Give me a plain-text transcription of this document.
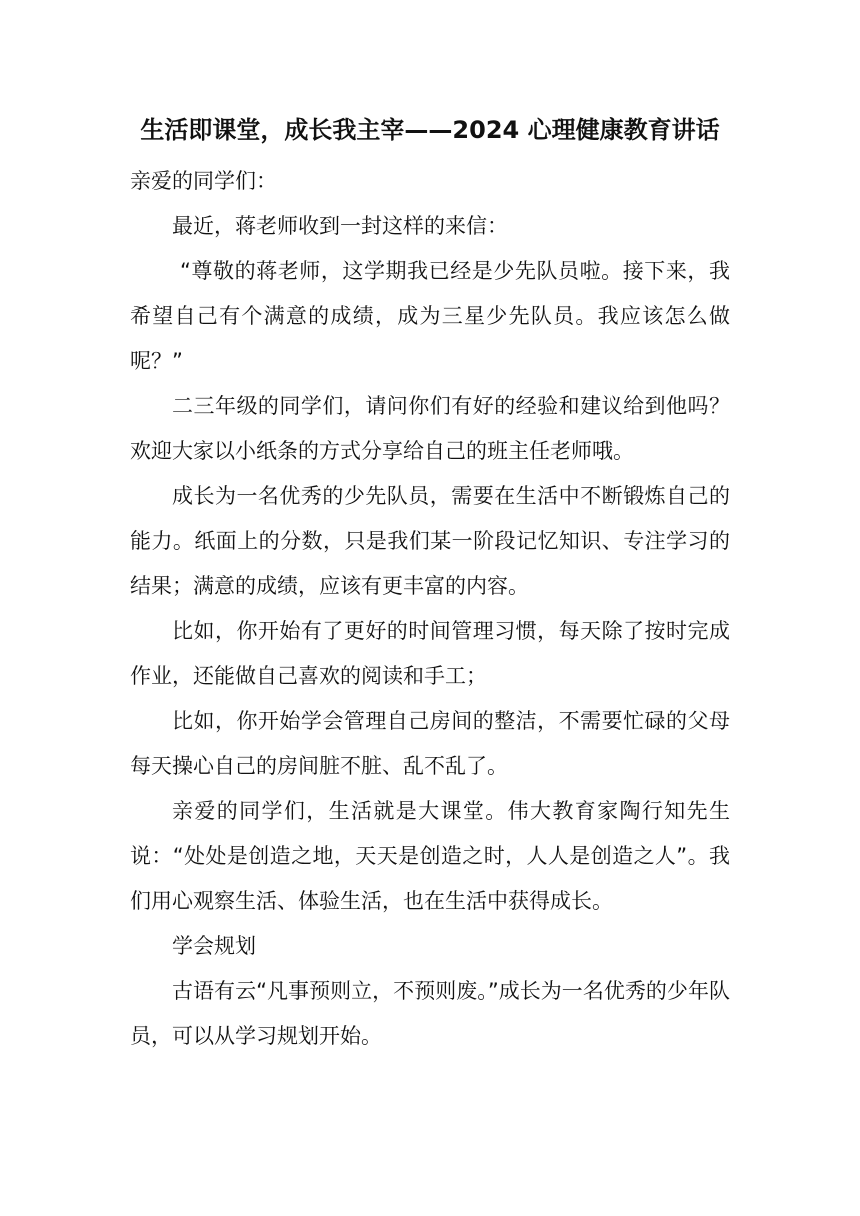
生活即课堂，成长我主宰——2024 心理健康教育讲话

亲爱的同学们：

最近，蒋老师收到一封这样的来信：

“尊敬的蒋老师，这学期我已经是少先队员啦。接下来，我希望自己有个满意的成绩，成为三星少先队员。我应该怎么做呢？”

二三年级的同学们，请问你们有好的经验和建议给到他吗？欢迎大家以小纸条的方式分享给自己的班主任老师哦。

成长为一名优秀的少先队员，需要在生活中不断锻炼自己的能力。纸面上的分数，只是我们某一阶段记忆知识、专注学习的结果；满意的成绩，应该有更丰富的内容。

比如，你开始有了更好的时间管理习惯，每天除了按时完成作业，还能做自己喜欢的阅读和手工；

比如，你开始学会管理自己房间的整洁，不需要忙碌的父母每天操心自己的房间脏不脏、乱不乱了。

亲爱的同学们，生活就是大课堂。伟大教育家陶行知先生说：“处处是创造之地，天天是创造之时，人人是创造之人”。我们用心观察生活、体验生活，也在生活中获得成长。

学会规划

古语有云“凡事预则立，不预则废。”成长为一名优秀的少年队员，可以从学习规划开始。
